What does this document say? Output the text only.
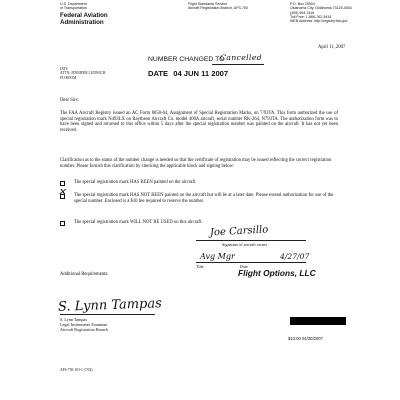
U.S. Department
of Transportation
Federal Aviation
Administration
Flight Standards Service
Aircraft Registration Branch, AFS-750
P.O. Box 25504
Oklahoma City, Oklahoma 73125-0504
(405) 954-3116
Toll Free: 1-866-762-9434
WEB Address: http://registry.faa.gov
April 11, 2007
NUMBER CHANGED TO
Cancelled
DATE 04 JUN 11 2007
IATS
ATTN: JENNIFER LUDWICH
PO ROOM
Dear Sirs:
The FAA Aircraft Registry issued an AC Form 8050-64, Assignment of Special Registration Marks, on 7/93TA. This form authorized the use of special registration mark N493LX on Raytheon Aircraft Co. model 400A aircraft, serial number RK-264, N793TA. The authorization form was to have been signed and returned to this office within 5 days after the special registration number was painted on the aircraft. It has not yet been received.
Clarification as to the status of the number change is needed so that the certificate of registration may be issued reflecting the correct registration number. Please furnish this clarification by checking the applicable block and signing below:
The special registration mark HAS BEEN painted on the aircraft.
✕ The special registration mark HAS NOT BEEN painted on the aircraft but will be at a later date. Please extend authorization for use of the special number. Enclosed is a $10 fee required to reserve the number.
The special registration mark WILL NOT BE USED on this aircraft.
Joe Carsillo
Signature of aircraft owner
Avg Mgr	4/27/07
Title	Date
Flight Options, LLC
Additional Requirements:
S. Lynn Tampas
S. Lynn Tampas
Legal Instruments Examiner
Aircraft Registration Branch
$10.00 04/30/2007
AFS-750-103-1 (7/04)
